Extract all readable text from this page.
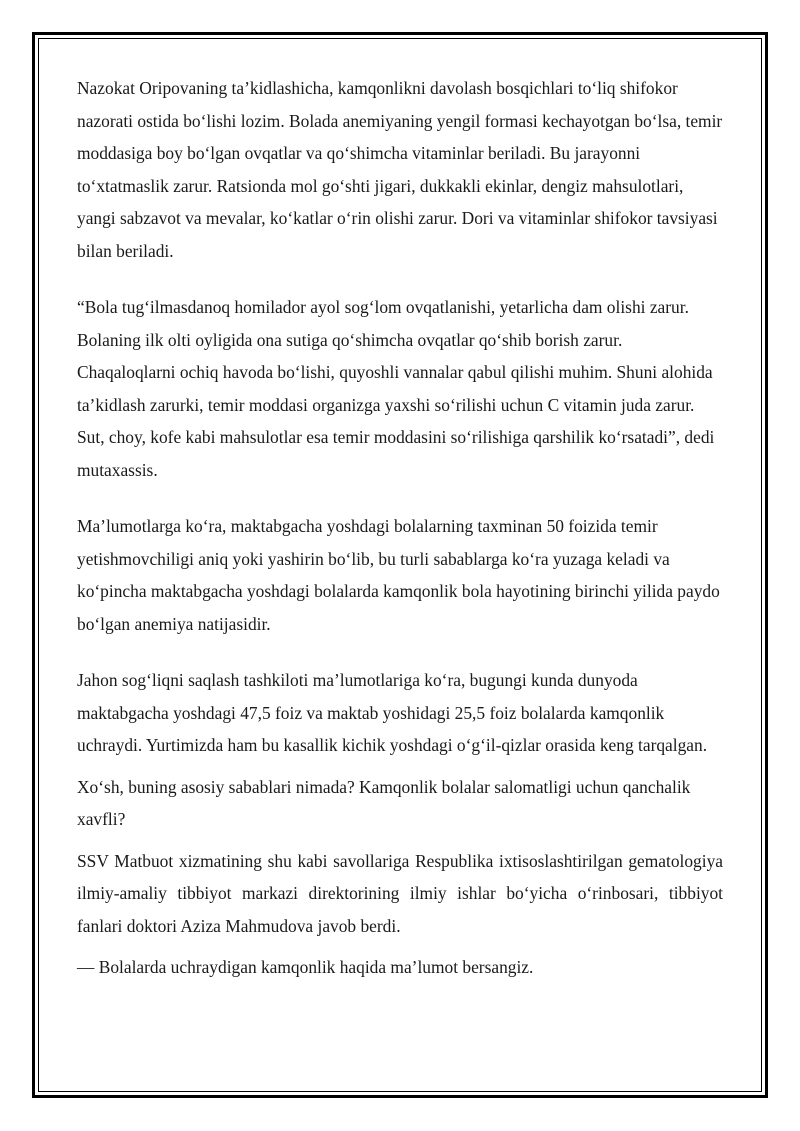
Nazokat Oripovaning ta’kidlashicha, kamqonlikni davolash bosqichlari to‘liq shifokor nazorati ostida bo‘lishi lozim. Bolada anemiyaning yengil formasi kechayotgan bo‘lsa, temir moddasiga boy bo‘lgan ovqatlar va qo‘shimcha vitaminlar beriladi. Bu jarayonni to‘xtatmaslik zarur. Ratsionda mol go‘shti jigari, dukkakli ekinlar, dengiz mahsulotlari, yangi sabzavot va mevalar, ko‘katlar o‘rin olishi zarur. Dori va vitaminlar shifokor tavsiyasi bilan beriladi.

“Bola tug‘ilmasdanoq homilador ayol sog‘lom ovqatlanishi, yetarlicha dam olishi zarur. Bolaning ilk olti oyligida ona sutiga qo‘shimcha ovqatlar qo‘shib borish zarur. Chaqaloqlarni ochiq havoda bo‘lishi, quyoshli vannalar qabul qilishi muhim. Shuni alohida ta’kidlash zarurki, temir moddasi organizga yaxshi so‘rilishi uchun C vitamin juda zarur. Sut, choy, kofe kabi mahsulotlar esa temir moddasini so‘rilishiga qarshilik ko‘rsatadi”, dedi mutaxassis.

Ma’lumotlarga ko‘ra, maktabgacha yoshdagi bolalarning taxminan 50 foizida temir yetishmovchiligi aniq yoki yashirin bo‘lib, bu turli sabablarga ko‘ra yuzaga keladi va ko‘pincha maktabgacha yoshdagi bolalarda kamqonlik bola hayotining birinchi yilida paydo bo‘lgan anemiya natijasidir.

Jahon sog‘liqni saqlash tashkiloti ma’lumotlariga ko‘ra, bugungi kunda dunyoda maktabgacha yoshdagi 47,5 foiz va maktab yoshidagi 25,5 foiz bolalarda kamqonlik uchraydi. Yurtimizda ham bu kasallik kichik yoshdagi o‘g‘il-qizlar orasida keng tarqalgan.

Xo‘sh, buning asosiy sabablari nimada? Kamqonlik bolalar salomatligi uchun qanchalik xavfli?

SSV Matbuot xizmatining shu kabi savollariga Respublika ixtisoslashtirilgan gematologiya ilmiy-amaliy tibbiyot markazi direktorining ilmiy ishlar bo‘yicha o‘rinbosari, tibbiyot fanlari doktori Aziza Mahmudova javob berdi.

— Bolalarda uchraydigan kamqonlik haqida ma’lumot bersangiz.
